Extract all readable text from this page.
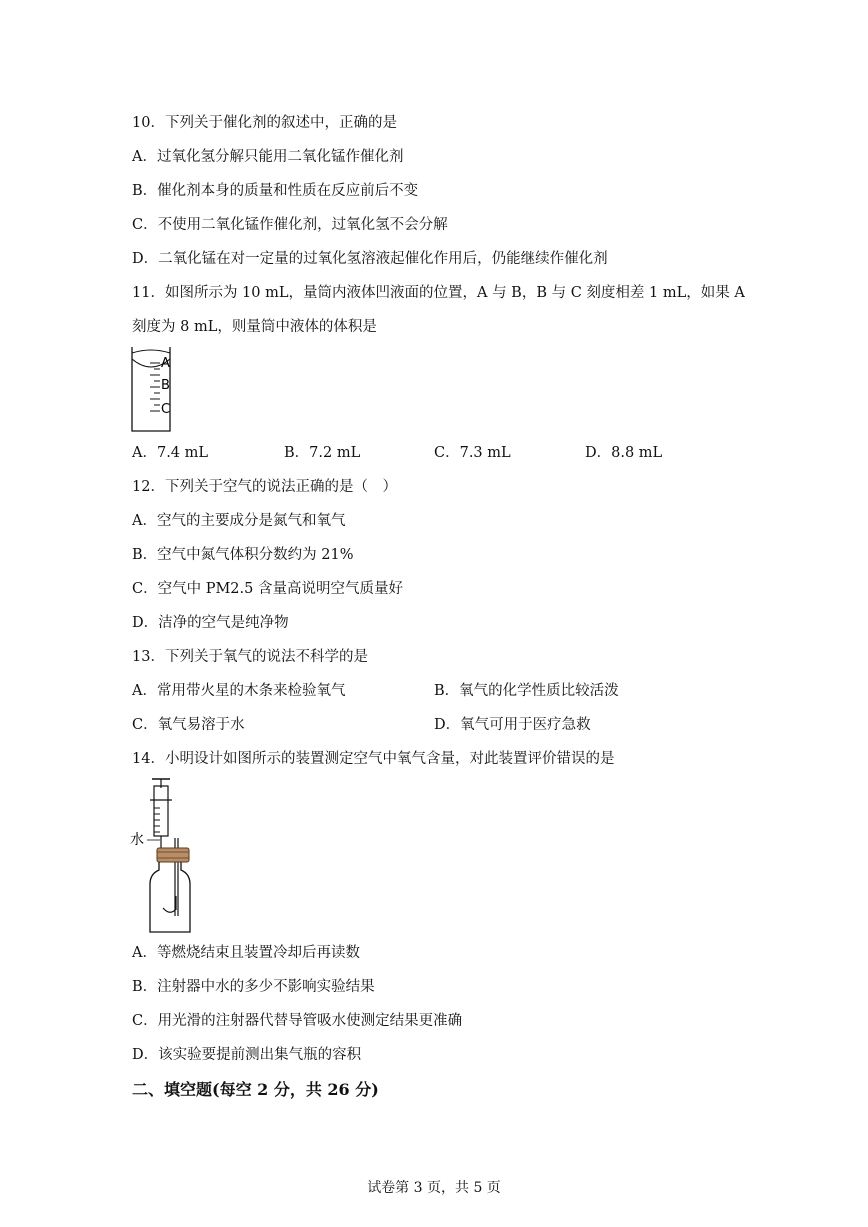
10．下列关于催化剂的叙述中，正确的是
A．过氧化氢分解只能用二氧化锰作催化剂
B．催化剂本身的质量和性质在反应前后不变
C．不使用二氧化锰作催化剂，过氧化氢不会分解
D．二氧化锰在对一定量的过氧化氢溶液起催化作用后，仍能继续作催化剂
11．如图所示为 10 mL，量筒内液体凹液面的位置，A 与 B，B 与 C 刻度相差 1 mL，如果 A
刻度为 8 mL，则量筒中液体的体积是
A
B
C
A．7.4 mL	B．7.2 mL	C．7.3 mL	D．8.8 mL
12．下列关于空气的说法正确的是（　）
A．空气的主要成分是氮气和氧气
B．空气中氮气体积分数约为 21%
C．空气中 PM2.5 含量高说明空气质量好
D．洁净的空气是纯净物
13．下列关于氧气的说法不科学的是
A．常用带火星的木条来检验氧气	B．氧气的化学性质比较活泼
C．氧气易溶于水	D．氧气可用于医疗急救
14．小明设计如图所示的装置测定空气中氧气含量，对此装置评价错误的是
水
A．等燃烧结束且装置冷却后再读数
B．注射器中水的多少不影响实验结果
C．用光滑的注射器代替导管吸水使测定结果更准确
D．该实验要提前测出集气瓶的容积
二、填空题(每空 2 分，共 26 分)
试卷第 3 页，共 5 页
